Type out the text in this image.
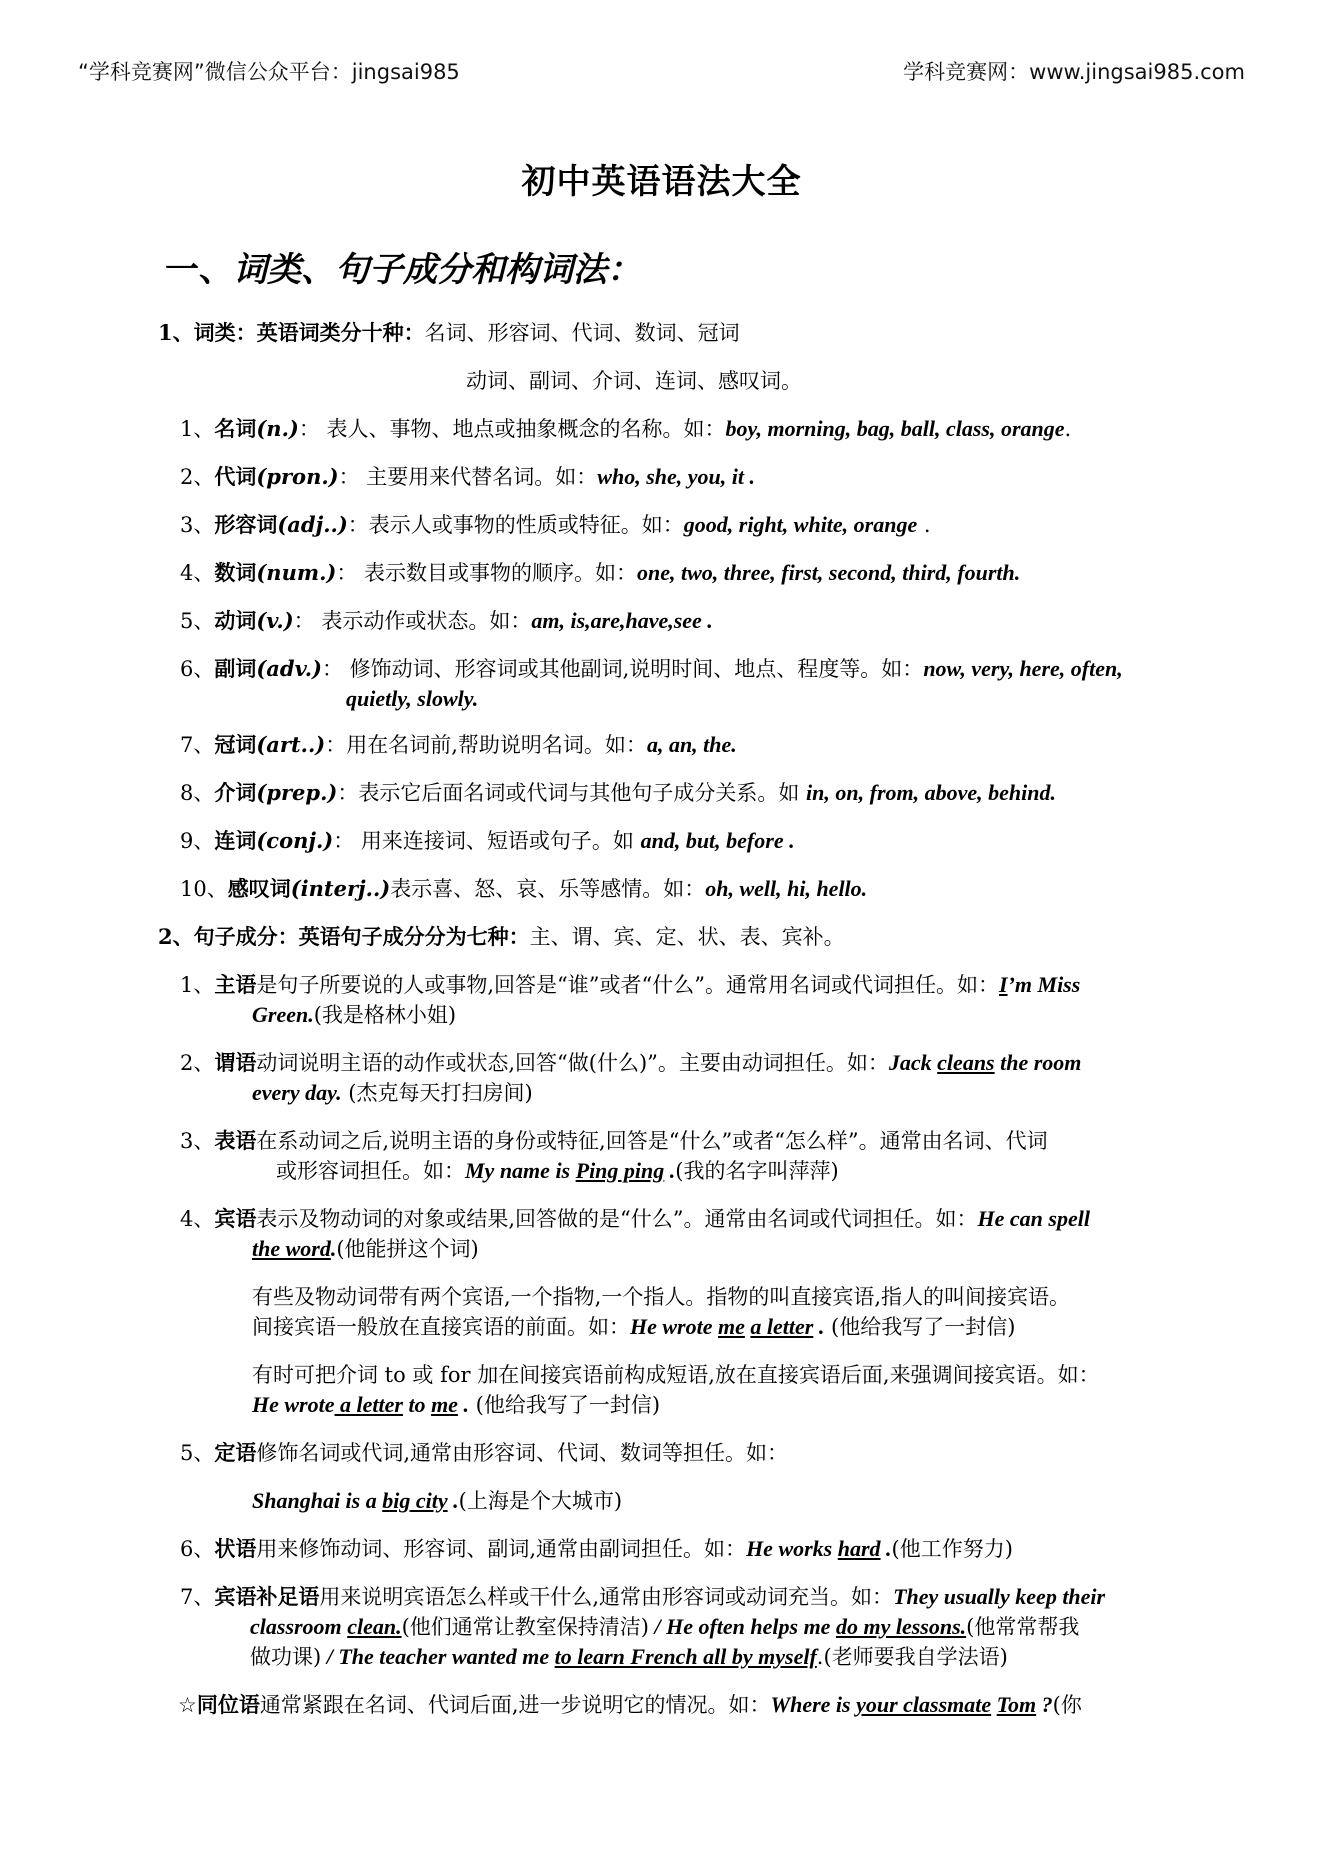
“学科竞赛网”微信公众平台：jingsai985	学科竞赛网：www.jingsai985.com
初中英语语法大全
一、词类、句子成分和构词法：
1、词类：英语词类分十种：名词、形容词、代词、数词、冠词
动词、副词、介词、连词、感叹词。
1、名词(n.)： 表人、事物、地点或抽象概念的名称。如：boy, morning, bag, ball, class, orange.
2、代词(pron.)： 主要用来代替名词。如：who, she, you, it .
3、形容词(adj..)：表示人或事物的性质或特征。如：good, right, white, orange .
4、数词(num.)： 表示数目或事物的顺序。如：one, two, three, first, second, third, fourth.
5、动词(v.)： 表示动作或状态。如：am, is,are,have,see .
6、副词(adv.)： 修饰动词、形容词或其他副词,说明时间、地点、程度等。如：now, very, here, often,
quietly, slowly.
7、冠词(art..)：用在名词前,帮助说明名词。如：a, an, the.
8、介词(prep.)：表示它后面名词或代词与其他句子成分关系。如 in, on, from, above, behind.
9、连词(conj.)： 用来连接词、短语或句子。如 and, but, before .
10、感叹词(interj..)表示喜、怒、哀、乐等感情。如：oh, well, hi, hello.
2、句子成分：英语句子成分分为七种：主、谓、宾、定、状、表、宾补。
1、主语是句子所要说的人或事物,回答是“谁”或者“什么”。通常用名词或代词担任。如：I’m Miss
Green.(我是格林小姐)
2、谓语动词说明主语的动作或状态,回答“做(什么)”。主要由动词担任。如：Jack cleans the room
every day. (杰克每天打扫房间)
3、表语在系动词之后,说明主语的身份或特征,回答是“什么”或者“怎么样”。通常由名词、代词
或形容词担任。如：My name is Ping ping .(我的名字叫萍萍)
4、宾语表示及物动词的对象或结果,回答做的是“什么”。通常由名词或代词担任。如：He can spell
the word.(他能拼这个词)
有些及物动词带有两个宾语,一个指物,一个指人。指物的叫直接宾语,指人的叫间接宾语。
间接宾语一般放在直接宾语的前面。如：He wrote me a letter . (他给我写了一封信)
有时可把介词 to 或 for 加在间接宾语前构成短语,放在直接宾语后面,来强调间接宾语。如：
He wrote a letter to me . (他给我写了一封信)
5、定语修饰名词或代词,通常由形容词、代词、数词等担任。如：
Shanghai is a big city .(上海是个大城市)
6、状语用来修饰动词、形容词、副词,通常由副词担任。如：He works hard .(他工作努力)
7、宾语补足语用来说明宾语怎么样或干什么,通常由形容词或动词充当。如：They usually keep their
classroom clean.(他们通常让教室保持清洁) / He often helps me do my lessons.(他常常帮我
做功课) / The teacher wanted me to learn French all by myself.(老师要我自学法语)
☆同位语通常紧跟在名词、代词后面,进一步说明它的情况。如：Where is your classmate Tom ?(你
